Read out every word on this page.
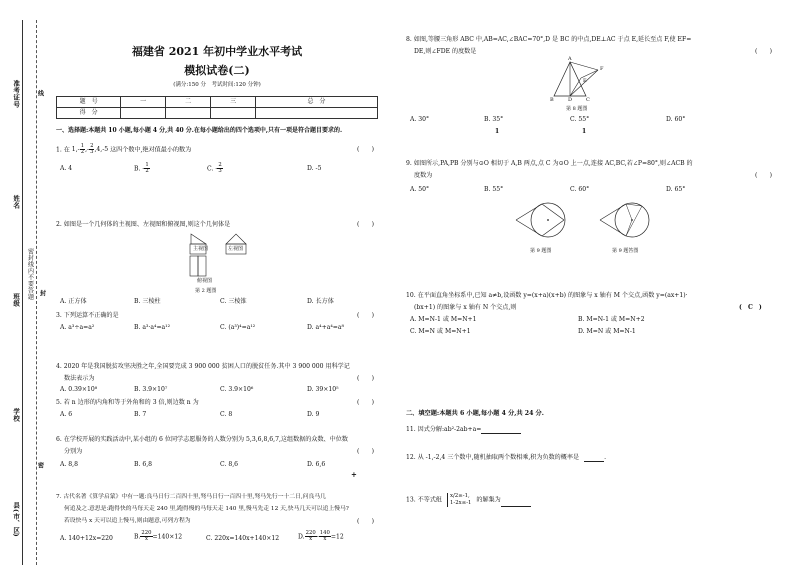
准考证号
姓名
班级
学校
县(市、区)
密封线内不要答题
线
封
密
福建省 2021 年初中学业水平考试
模拟试卷(二)
(满分:150 分　考试时间:120 分钟)
题　号	一	二	三	总　分
得　分				
一、选择题:本题共 10 小题,每小题 4 分,共 40 分.在每小题给出的四个选项中,只有一项是符合题目要求的.
1. 在 $1,- \frac{1}{2}$ ,- $\frac{2}{3} ,4,-5$ 这四个数中,绝对值最小的数为	(　　)
A. 4	B. - $\frac{1}{2}$	C. - $\frac{2}{3}$	D. -5
2. 如图是一个几何体的主视图、左视图和俯视图,则这个几何体是	(　　)
主视图	左视图
俯视图
第 2 题图
A. 正方体	B. 三棱柱	C. 三棱锥	D. 长方体
3. 下列运算不正确的是	(　　)
A. a³÷a=a²	B. a³·a⁴=a¹²	C. (a³)⁴=a¹²	D. a⁴+a⁴=a⁸
4. 2020 年是我国脱贫攻坚决胜之年,全国要完成 3 900 000 贫困人口的脱贫任务.其中 3 900 000 用科学记
数法表示为	(　　)
A. 0.39×10⁸	B. 3.9×10⁷	C. 3.9×10⁶	D. 39×10⁵
5. 若 n 边形的内角和等于外角和的 3 倍,则边数 n 为	(　　)
A. 6	B. 7	C. 8	D. 9
6. 在学校开展的实践活动中,某小组的 6 位同学志愿服务的人数分别为 5,3,6,8,6,7,这组数据的众数、中位数
分别为	(　　)
A. 8,8	B. 6,8	C. 8,6	D. 6,6
+
7. 古代名著《算学启蒙》中有一题:良马日行二百四十里,驽马日行一百四十里,驽马先行一十二日,问良马几
何追及之.意思是:跑得快的马每天走 240 里,跑得慢的马每天走 140 里,慢马先走 12 天,快马几天可以追上慢马?
若设快马 x 天可以追上慢马,则由题意,可列方程为	(　　)
A. 140+12x=220	B. $\frac{220}{x} =140\times 12$	C. 220x=140x+140×12	D. $\frac{220}{x} - \frac{140}{x} =12$
8. 如图,等腰三角形 ABC 中,AB=AC,∠BAC=70°,D 是 BC 的中点,DE⊥AC 于点 E,延长至点 F,使 EF=
DE,则∠FDE 的度数是	(　　)
A
B	C
D
E
F
第 8 题图
A. 30°	B. 35°	C. 55°	D. 60°
1	1
9. 如图所示,PA,PB 分别与⊙O 相切于 A,B 两点,点 C 为⊙O 上一点,连接 AC,BC,若∠P=80°,则∠ACB 的
度数为	(　　)
A. 50°	B. 55°	C. 60°	D. 65°
第 9 题图	第 9 题答图
10. 在平面直角坐标系中,已知 a≠b,设函数 y=(x+a)(x+b) 的图象与 x 轴有 M 个交点,函数 y=(ax+1)·
(bx+1) 的图象与 x 轴有 N 个交点,则	(　C　)
A. M=N-1 或 M=N+1	B. M=N-1 或 M=N+2
C. M=N 或 M=N+1	D. M=N 或 M=N-1
二、填空题:本题共 6 小题,每小题 4 分,共 24 分.
11. 因式分解:ab²-2ab+a=
12. 从 -1,-2,4 三个数中,随机抽取两个数相乘,积为负数的概率是	.
13. 不等式组
x/2≥-1,
1-2x≤-1 的解集为
